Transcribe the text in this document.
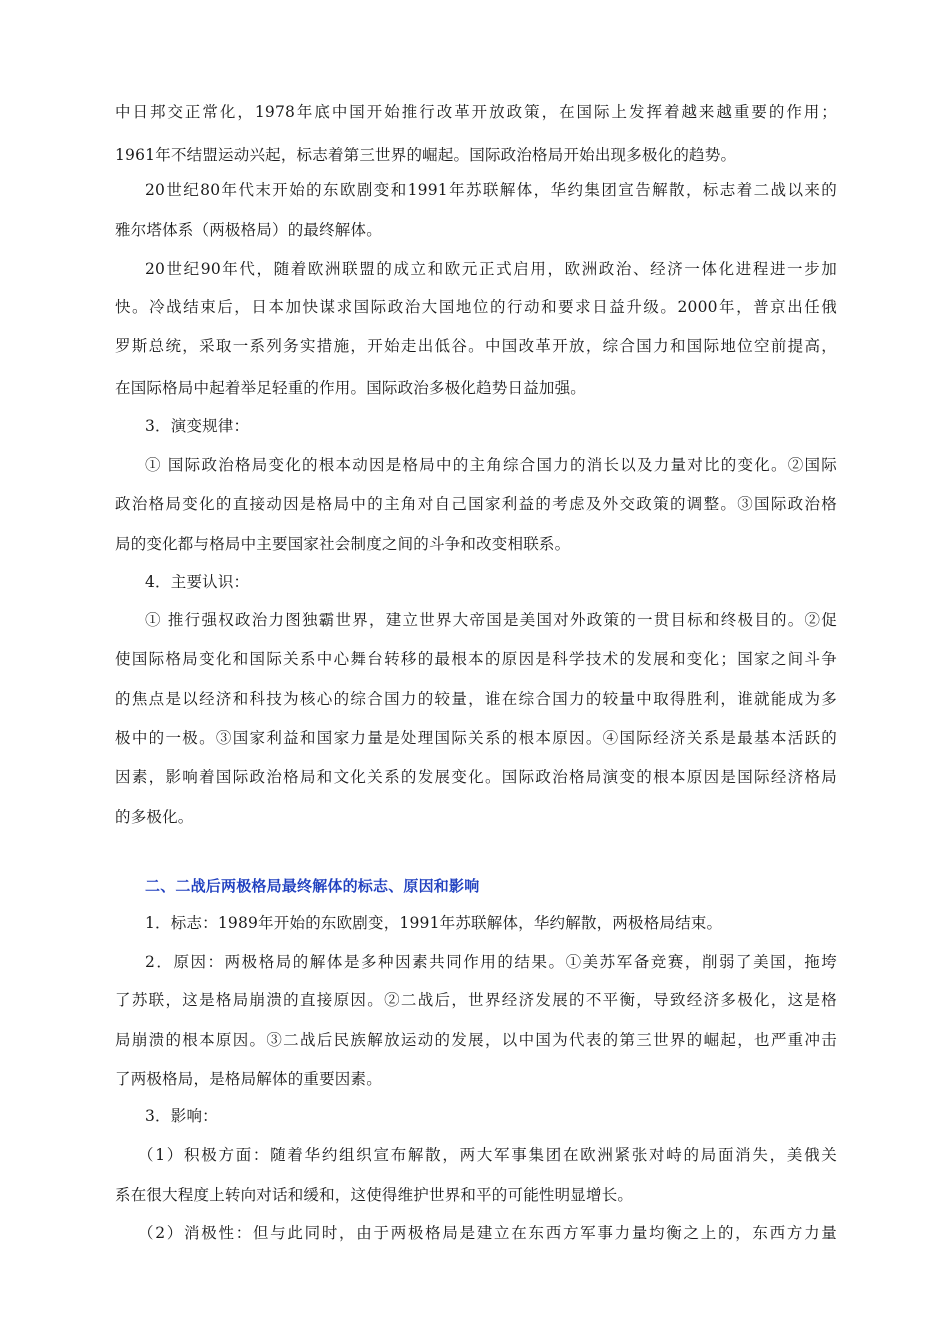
中日邦交正常化，1978年底中国开始推行改革开放政策，在国际上发挥着越来越重要的作用；
1961年不结盟运动兴起，标志着第三世界的崛起。国际政治格局开始出现多极化的趋势。
20世纪80年代末开始的东欧剧变和1991年苏联解体，华约集团宣告解散，标志着二战以来的
雅尔塔体系（两极格局）的最终解体。
20世纪90年代，随着欧洲联盟的成立和欧元正式启用，欧洲政治、经济一体化进程进一步加
快。冷战结束后，日本加快谋求国际政治大国地位的行动和要求日益升级。2000年，普京出任俄
罗斯总统，采取一系列务实措施，开始走出低谷。中国改革开放，综合国力和国际地位空前提高，
在国际格局中起着举足轻重的作用。国际政治多极化趋势日益加强。
3．演变规律：
① 国际政治格局变化的根本动因是格局中的主角综合国力的消长以及力量对比的变化。②国际
政治格局变化的直接动因是格局中的主角对自己国家利益的考虑及外交政策的调整。③国际政治格
局的变化都与格局中主要国家社会制度之间的斗争和改变相联系。
4．主要认识：
① 推行强权政治力图独霸世界，建立世界大帝国是美国对外政策的一贯目标和终极目的。②促
使国际格局变化和国际关系中心舞台转移的最根本的原因是科学技术的发展和变化；国家之间斗争
的焦点是以经济和科技为核心的综合国力的较量，谁在综合国力的较量中取得胜利，谁就能成为多
极中的一极。③国家利益和国家力量是处理国际关系的根本原因。④国际经济关系是最基本活跃的
因素，影响着国际政治格局和文化关系的发展变化。国际政治格局演变的根本原因是国际经济格局
的多极化。
二、二战后两极格局最终解体的标志、原因和影响
1．标志：1989年开始的东欧剧变，1991年苏联解体，华约解散，两极格局结束。
2．原因：两极格局的解体是多种因素共同作用的结果。①美苏军备竞赛，削弱了美国，拖垮
了苏联，这是格局崩溃的直接原因。②二战后，世界经济发展的不平衡，导致经济多极化，这是格
局崩溃的根本原因。③二战后民族解放运动的发展，以中国为代表的第三世界的崛起，也严重冲击
了两极格局，是格局解体的重要因素。
3．影响：
（1）积极方面：随着华约组织宣布解散，两大军事集团在欧洲紧张对峙的局面消失，美俄关
系在很大程度上转向对话和缓和，这使得维护世界和平的可能性明显增长。
（2）消极性：但与此同时，由于两极格局是建立在东西方军事力量均衡之上的，东西方力量
